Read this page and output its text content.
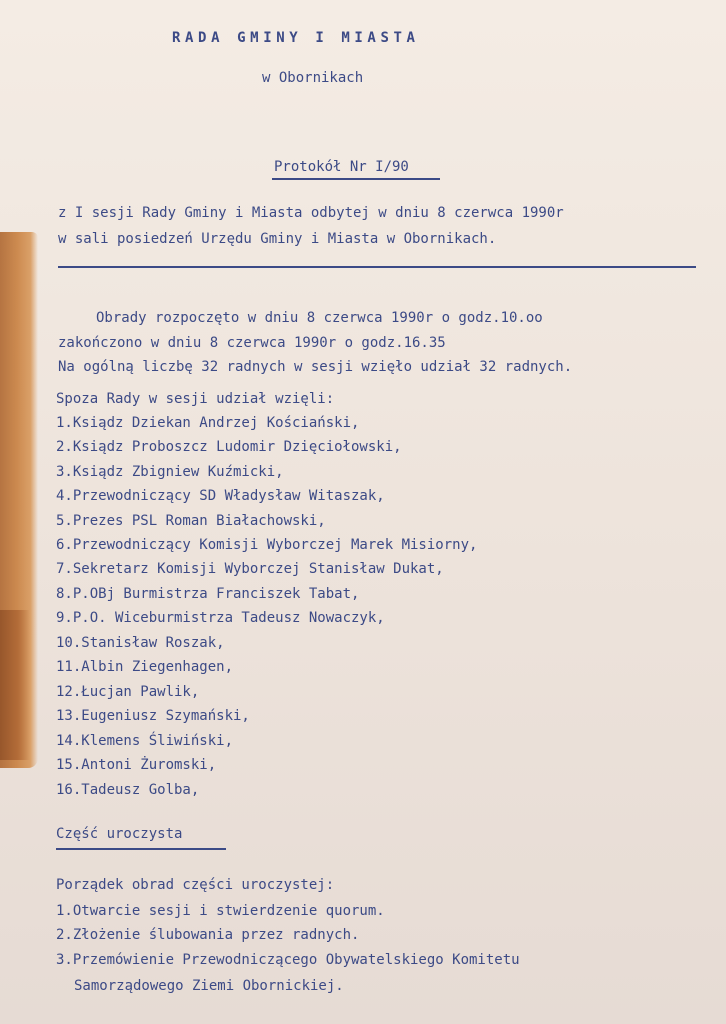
RADA GMINY I MIASTA
w Obornikach
Protokół Nr I/90
z I sesji Rady Gminy i Miasta odbytej w dniu 8 czerwca 1990r
w sali posiedzeń Urzędu Gminy i Miasta w Obornikach.
Obrady rozpoczęto w dniu 8 czerwca 1990r o godz.10.oo
zakończono w dniu 8 czerwca 1990r o godz.16.35
Na ogólną liczbę 32 radnych w sesji wzięło udział 32 radnych.
Spoza Rady w sesji udział wzięli:
1.Ksiądz Dziekan Andrzej Kościański,
2.Ksiądz Proboszcz Ludomir Dzięciołowski,
3.Ksiądz Zbigniew Kuźmicki,
4.Przewodniczący SD Władysław Witaszak,
5.Prezes PSL Roman Białachowski,
6.Przewodniczący Komisji Wyborczej Marek Misiorny,
7.Sekretarz Komisji Wyborczej Stanisław Dukat,
8.P.OBj Burmistrza Franciszek Tabat,
9.P.O. Wiceburmistrza Tadeusz Nowaczyk,
10.Stanisław Roszak,
11.Albin Ziegenhagen,
12.Łucjan Pawlik,
13.Eugeniusz Szymański,
14.Klemens Śliwiński,
15.Antoni Żuromski,
16.Tadeusz Golba,
Część uroczysta
Porządek obrad części uroczystej:
1.Otwarcie sesji i stwierdzenie quorum.
2.Złożenie ślubowania przez radnych.
3.Przemówienie Przewodniczącego Obywatelskiego Komitetu
Samorządowego Ziemi Obornickiej.
